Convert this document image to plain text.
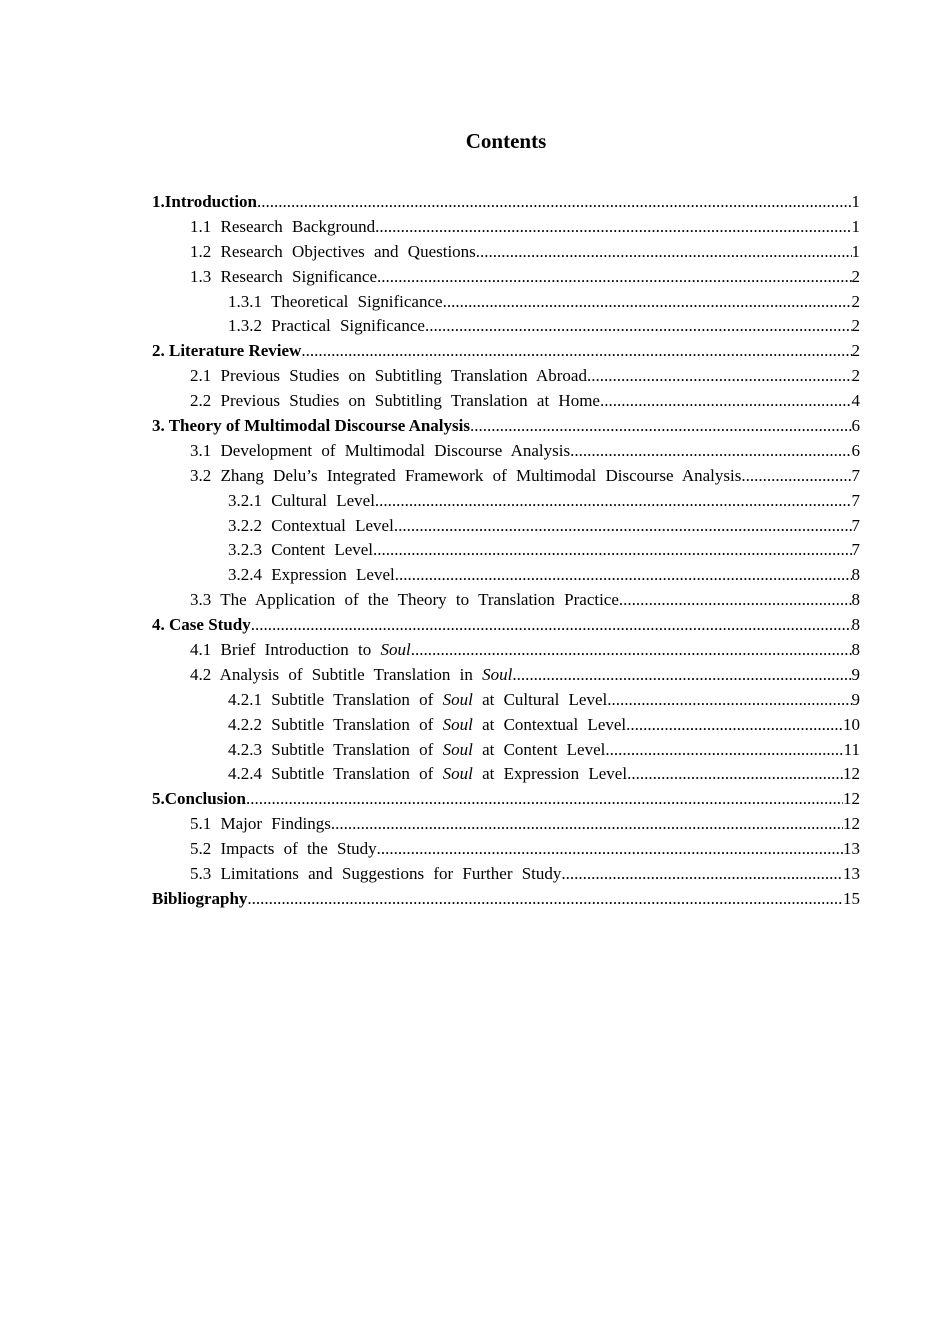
Contents
1.Introduction .....	1
1.1 Research Background .....	1
1.2 Research Objectives and Questions .....	1
1.3 Research Significance .....	2
1.3.1 Theoretical Significance .....	2
1.3.2 Practical Significance .....	2
2. Literature Review .....	2
2.1 Previous Studies on Subtitling Translation Abroad .....	2
2.2 Previous Studies on Subtitling Translation at Home .....	4
3. Theory of Multimodal Discourse Analysis .....	6
3.1 Development of Multimodal Discourse Analysis .....	6
3.2 Zhang Delu’s Integrated Framework of Multimodal Discourse Analysis .....	7
3.2.1 Cultural Level .....	7
3.2.2 Contextual Level .....	7
3.2.3 Content Level .....	7
3.2.4 Expression Level .....	8
3.3 The Application of the Theory to Translation Practice .....	8
4. Case Study .....	8
4.1 Brief Introduction to Soul .....	8
4.2 Analysis of Subtitle Translation in Soul .....	9
4.2.1 Subtitle Translation of Soul at Cultural Level .....	9
4.2.2 Subtitle Translation of Soul at Contextual Level .....	10
4.2.3 Subtitle Translation of Soul at Content Level .....	11
4.2.4 Subtitle Translation of Soul at Expression Level .....	12
5.Conclusion .....	12
5.1 Major Findings .....	12
5.2 Impacts of the Study .....	13
5.3 Limitations and Suggestions for Further Study .....	13
Bibliography .....	15
